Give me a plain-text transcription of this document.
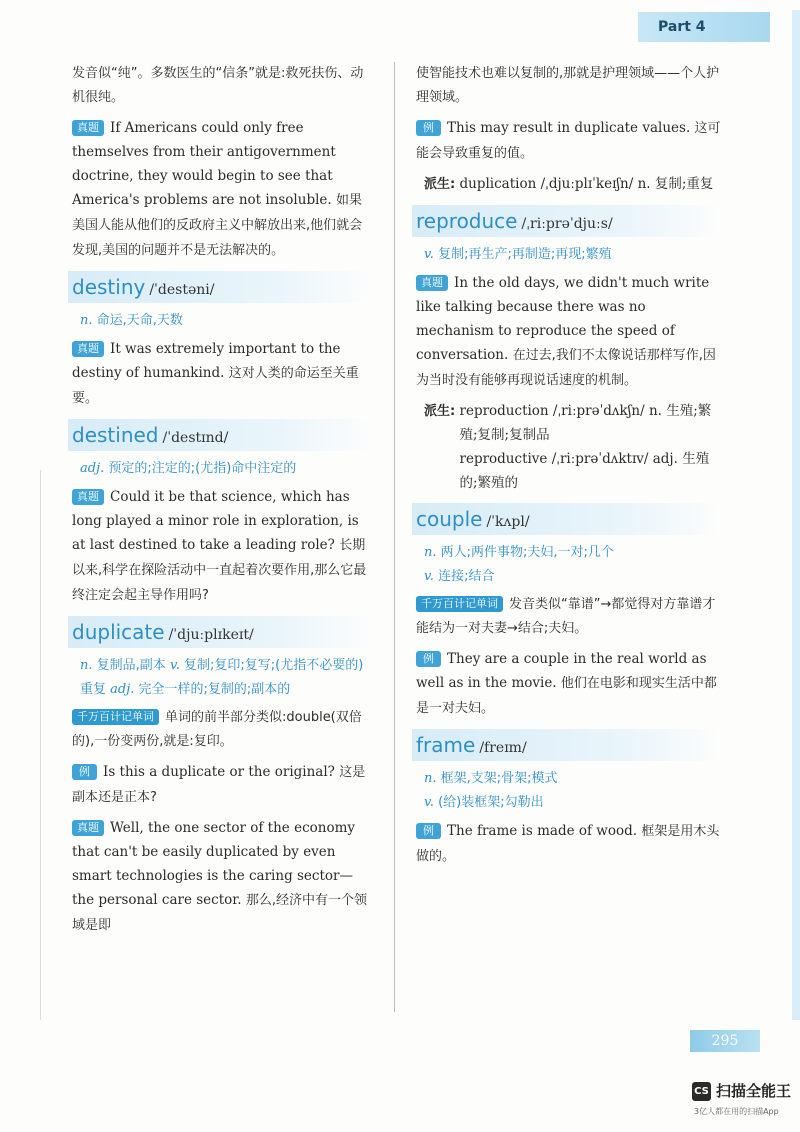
Part 4

发音似“纯”。多数医生的“信条”就是:救死扶伤、动机很纯。

真题 If Americans could only free themselves from their antigovernment doctrine, they would begin to see that America's problems are not insoluble. 如果美国人能从他们的反政府主义中解放出来,他们就会发现,美国的问题并不是无法解决的。

destiny /ˈdestəni/
n. 命运,天命,天数

真题 It was extremely important to the destiny of humankind. 这对人类的命运至关重要。

destined /ˈdestɪnd/
adj. 预定的;注定的;(尤指)命中注定的

真题 Could it be that science, which has long played a minor role in exploration, is at last destined to take a leading role? 长期以来,科学在探险活动中一直起着次要作用,那么它最终注定会起主导作用吗?

duplicate /ˈdjuːplɪkeɪt/
n. 复制品,副本 v. 复制;复印;复写;(尤指不必要的)重复 adj. 完全一样的;复制的;副本的

千万百计记单词 单词的前半部分类似:double(双倍的),一份变两份,就是:复印。

例 Is this a duplicate or the original? 这是副本还是正本?

真题 Well, the one sector of the economy that can't be easily duplicated by even smart technologies is the caring sector—the personal care sector. 那么,经济中有一个领域是即

使智能技术也难以复制的,那就是护理领域——个人护理领域。

例 This may result in duplicate values. 这可能会导致重复的值。

派生: duplication /ˌdjuːplɪˈkeɪʃn/ n. 复制;重复
reproduce /ˌriːprəˈdjuːs/
v. 复制;再生产;再制造;再现;繁殖

真题 In the old days, we didn't much write like talking because there was no mechanism to reproduce the speed of conversation. 在过去,我们不太像说话那样写作,因为当时没有能够再现说话速度的机制。

派生: reproduction /ˌriːprəˈdʌkʃn/ n. 生殖;繁殖;复制;复制品
reproductive /ˌriːprəˈdʌktɪv/ adj. 生殖的;繁殖的
couple /ˈkʌpl/
n. 两人;两件事物;夫妇,一对;几个
v. 连接;结合

千万百计记单词 发音类似“靠谱”→都觉得对方靠谱才能结为一对夫妻→结合;夫妇。

例 They are a couple in the real world as well as in the movie. 他们在电影和现实生活中都是一对夫妇。

frame /freɪm/
n. 框架,支架;骨架;模式
v. (给)装框架;勾勒出

例 The frame is made of wood. 框架是用木头做的。

295
CS 扫描全能王
3亿人都在用的扫描App
